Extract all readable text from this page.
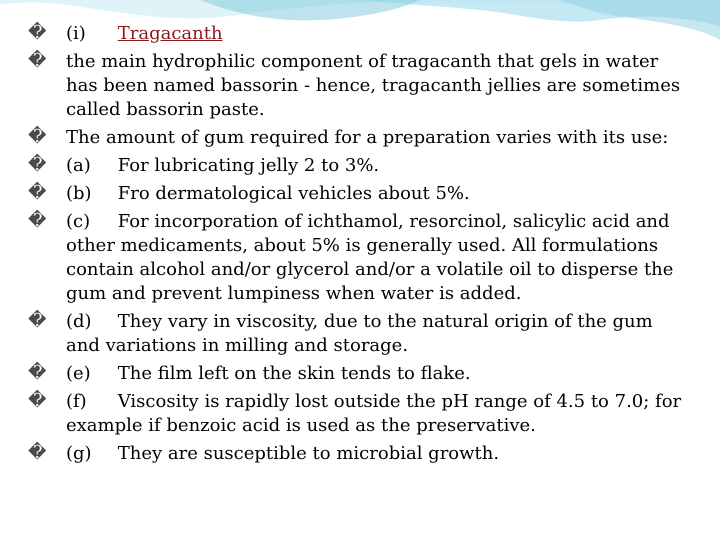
� (i) Tragacanth
� the main hydrophilic component of tragacanth that gels in water has been named bassorin - hence, tragacanth jellies are sometimes called bassorin paste.
� The amount of gum required for a preparation varies with its use:
� (a) For lubricating jelly 2 to 3%.
� (b) Fro dermatological vehicles about 5%.
� (c) For incorporation of ichthamol, resorcinol, salicylic acid and other medicaments, about 5% is generally used. All formulations contain alcohol and/or glycerol and/or a volatile oil to disperse the gum and prevent lumpiness when water is added.
� (d) They vary in viscosity, due to the natural origin of the gum and variations in milling and storage.
� (e) The film left on the skin tends to flake.
� (f) Viscosity is rapidly lost outside the pH range of 4.5 to 7.0; for example if benzoic acid is used as the preservative.
� (g) They are susceptible to microbial growth.
